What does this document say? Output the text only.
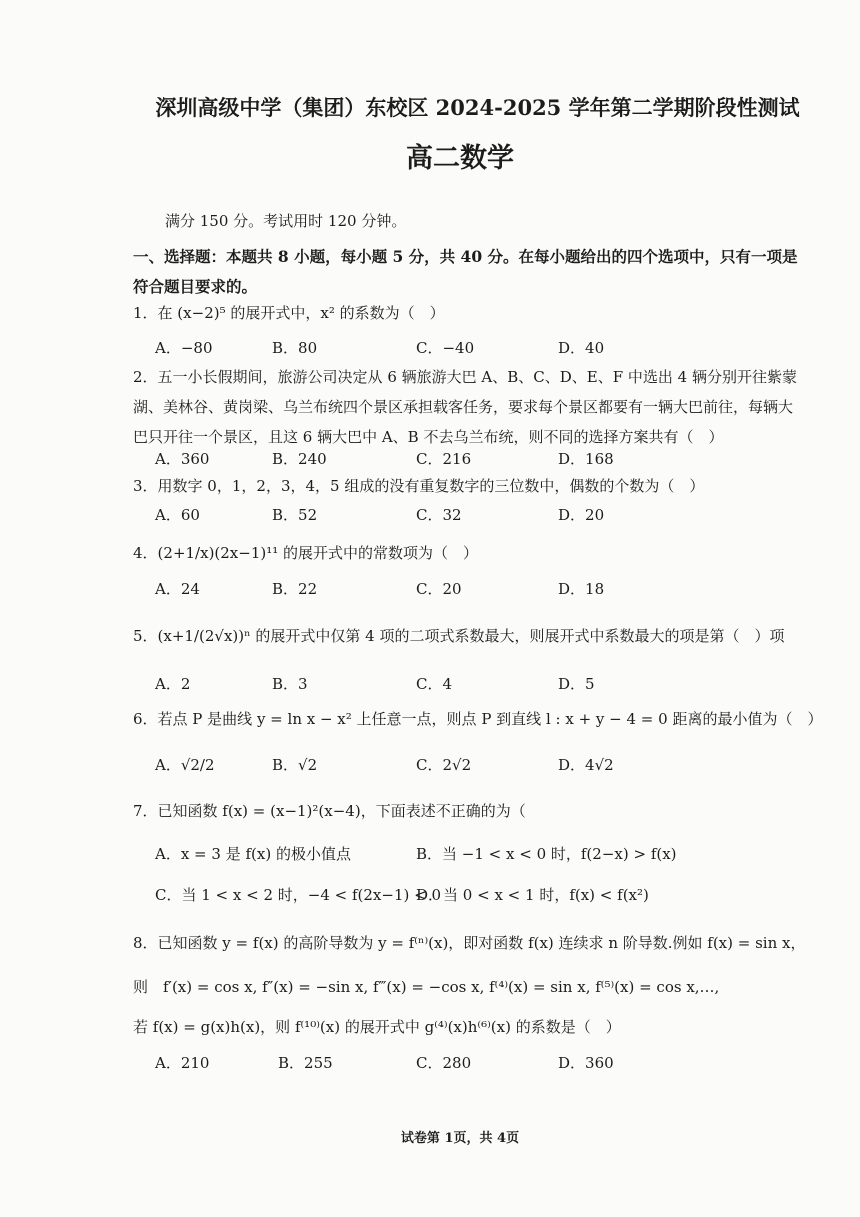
深圳高级中学（集团）东校区 2024-2025 学年第二学期阶段性测试
高二数学
满分 150 分。考试用时 120 分钟。
一、选择题：本题共 8 小题，每小题 5 分，共 40 分。在每小题给出的四个选项中，只有一项是符合题目要求的。
1．在 (x−2)⁵ 的展开式中，x² 的系数为（　）
A．−80	B．80	C．−40	D．40
2．五一小长假期间，旅游公司决定从 6 辆旅游大巴 A、B、C、D、E、F 中选出 4 辆分别开往紫蒙湖、美林谷、黄岗梁、乌兰布统四个景区承担载客任务，要求每个景区都要有一辆大巴前往，每辆大巴只开往一个景区，且这 6 辆大巴中 A、B 不去乌兰布统，则不同的选择方案共有（　）
A．360	B．240	C．216	D．168
3．用数字 0，1，2，3，4，5 组成的没有重复数字的三位数中，偶数的个数为（　）
A．60	B．52	C．32	D．20
4．(2+1/x)(2x−1)¹¹ 的展开式中的常数项为（　）
A．24	B．22	C．20	D．18
5．(x+1/(2√x))ⁿ 的展开式中仅第 4 项的二项式系数最大，则展开式中系数最大的项是第（　）项
A．2	B．3	C．4	D．5
6．若点 P 是曲线 y = ln x − x² 上任意一点，则点 P 到直线 l : x + y − 4 = 0 距离的最小值为（　）
A．√2/2	B．√2	C．2√2	D．4√2
7．已知函数 f(x) = (x−1)²(x−4)，下面表述不正确的为（
A．x = 3 是 f(x) 的极小值点	B．当 −1 < x < 0 时，f(2−x) > f(x)
C．当 1 < x < 2 时，−4 < f(2x−1) < 0
D．当 0 < x < 1 时，f(x) < f(x²)
8．已知函数 y = f(x) 的高阶导数为 y = f⁽ⁿ⁾(x)，即对函数 f(x) 连续求 n 阶导数.例如 f(x) = sin x，
则　f′(x) = cos x, f″(x) = −sin x, f‴(x) = −cos x, f⁽⁴⁾(x) = sin x, f⁽⁵⁾(x) = cos x,…,
若 f(x) = g(x)h(x)，则 f⁽¹⁰⁾(x) 的展开式中 g⁽⁴⁾(x)h⁽⁶⁾(x) 的系数是（　）
A．210	B．255	C．280	D．360
试卷第 1页，共 4页
